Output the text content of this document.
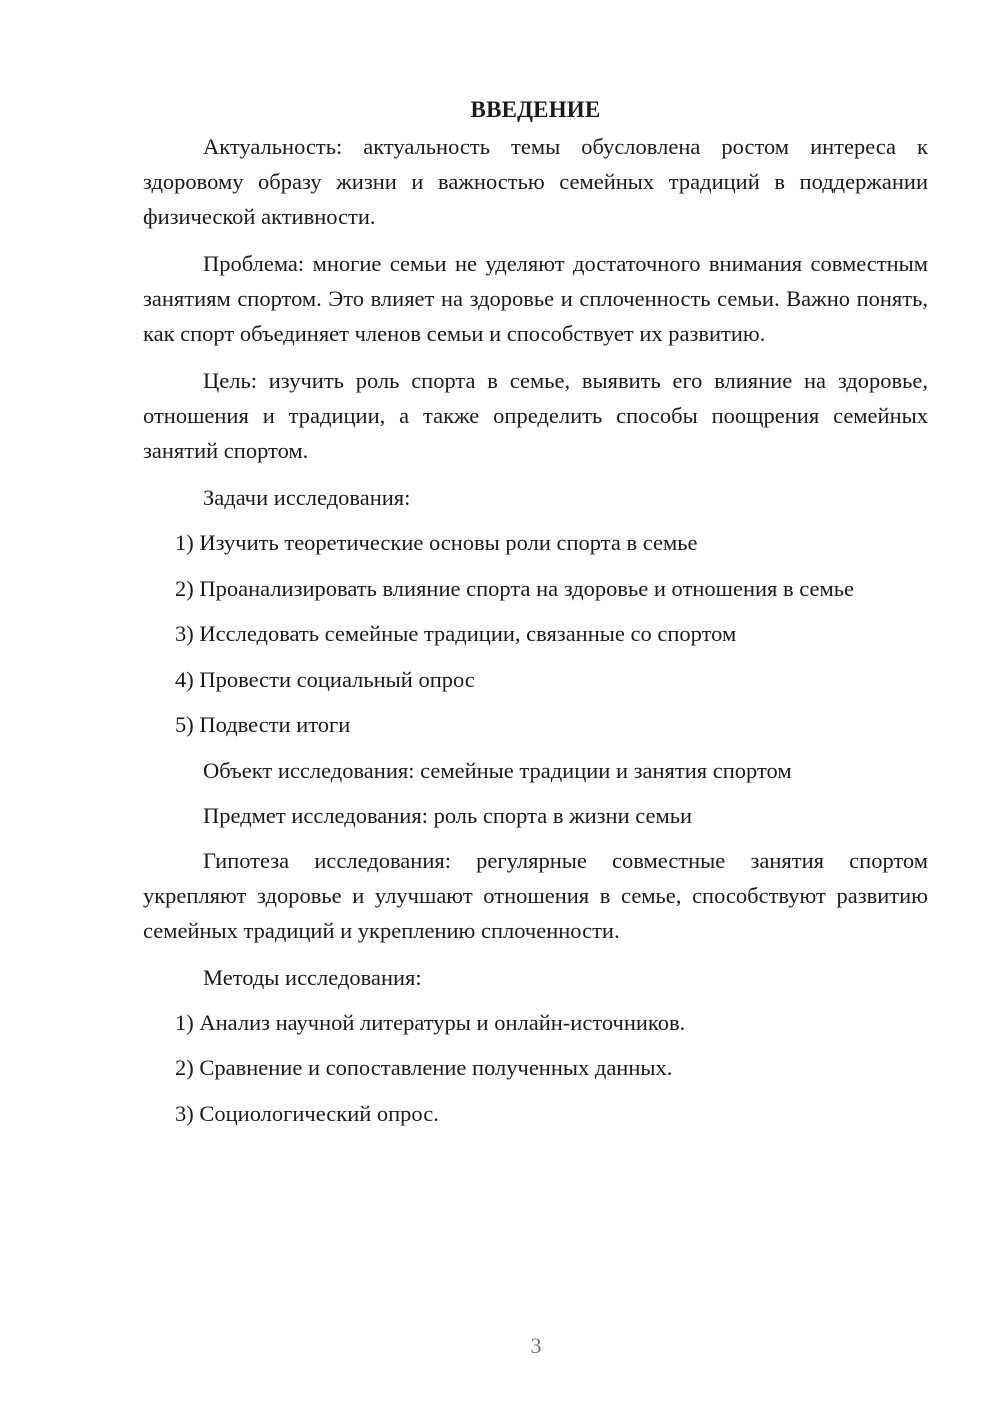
ВВЕДЕНИЕ

Актуальность: актуальность темы обусловлена ростом интереса к здоровому образу жизни и важностью семейных традиций в поддержании физической активности.

Проблема: многие семьи не уделяют достаточного внимания совместным занятиям спортом. Это влияет на здоровье и сплоченность семьи. Важно понять, как спорт объединяет членов семьи и способствует их развитию.

Цель: изучить роль спорта в семье, выявить его влияние на здоровье, отношения и традиции, а также определить способы поощрения семейных занятий спортом.

Задачи исследования:

1) Изучить теоретические основы роли спорта в семье
2) Проанализировать влияние спорта на здоровье и отношения в семье
3) Исследовать семейные традиции, связанные со спортом
4) Провести социальный опрос
5) Подвести итоги

Объект исследования: семейные традиции и занятия спортом

Предмет исследования: роль спорта в жизни семьи

Гипотеза исследования: регулярные совместные занятия спортом укрепляют здоровье и улучшают отношения в семье, способствуют развитию семейных традиций и укреплению сплоченности.

Методы исследования:

1) Анализ научной литературы и онлайн-источников.
2) Сравнение и сопоставление полученных данных.
3) Социологический опрос.
3
